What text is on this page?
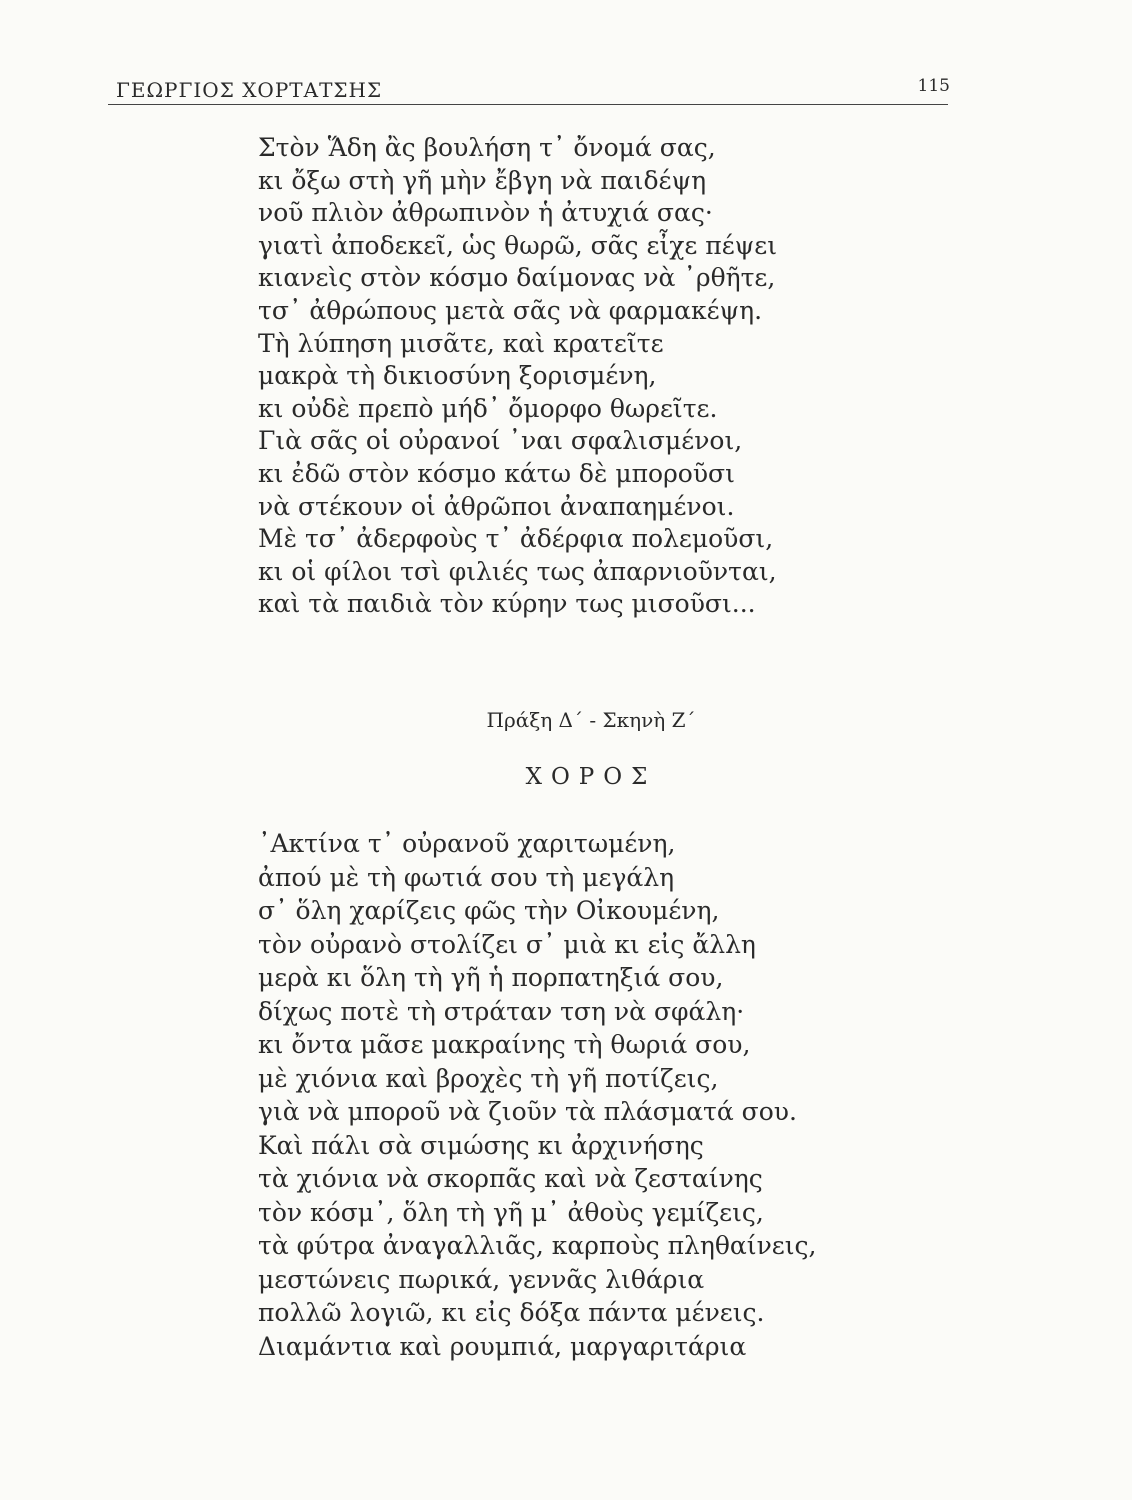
ΓΕΩΡΓΙΟΣ ΧΟΡΤΑΤΣΗΣ	115
Στὸν Ἅδη ἂς βουλήση τ᾽ ὄνομά σας,
κι ὄξω στὴ γῆ μὴν ἔβγη νὰ παιδέψη
νοῦ πλιὸν ἀθρωπινὸν ἡ ἀτυχιά σας·
γιατὶ ἀποδεκεῖ, ὡς θωρῶ, σᾶς εἶχε πέψει
κιανεὶς στὸν κόσμο δαίμονας νὰ ᾽ρθῆτε,
τσ᾽ ἀθρώπους μετὰ σᾶς νὰ φαρμακέψη.
Τὴ λύπηση μισᾶτε, καὶ κρατεῖτε
μακρὰ τὴ δικιοσύνη ξορισμένη,
κι οὐδὲ πρεπὸ μήδ᾽ ὄμορφο θωρεῖτε.
Γιὰ σᾶς οἱ οὐρανοί ᾽ναι σφαλισμένοι,
κι ἐδῶ στὸν κόσμο κάτω δὲ μποροῦσι
νὰ στέκουν οἱ ἀθρῶποι ἀναπαημένοι.
Μὲ τσ᾽ ἀδερφοὺς τ᾽ ἀδέρφια πολεμοῦσι,
κι οἱ φίλοι τσὶ φιλιές τως ἀπαρνιοῦνται,
καὶ τὰ παιδιὰ τὸν κύρην τως μισοῦσι...
Πράξη Δ΄ - Σκηνὴ Ζ΄
ΧΟΡΟΣ
᾽Ακτίνα τ᾽ οὐρανοῦ χαριτωμένη,
ἀπού μὲ τὴ φωτιά σου τὴ μεγάλη
σ᾽ ὅλη χαρίζεις φῶς τὴν Οἰκουμένη,
τὸν οὐρανὸ στολίζει σ᾽ μιὰ κι εἰς ἄλλη
μερὰ κι ὅλη τὴ γῆ ἡ πορπατηξιά σου,
δίχως ποτὲ τὴ στράταν τση νὰ σφάλη·
κι ὄντα μᾶσε μακραίνης τὴ θωριά σου,
μὲ χιόνια καὶ βροχὲς τὴ γῆ ποτίζεις,
γιὰ νὰ μποροῦ νὰ ζιοῦν τὰ πλάσματά σου.
Καὶ πάλι σὰ σιμώσης κι ἀρχινήσης
τὰ χιόνια νὰ σκορπᾶς καὶ νὰ ζεσταίνης
τὸν κόσμ᾽, ὅλη τὴ γῆ μ᾽ ἀθοὺς γεμίζεις,
τὰ φύτρα ἀναγαλλιᾶς, καρποὺς πληθαίνεις,
μεστώνεις πωρικά, γεννᾶς λιθάρια
πολλῶ λογιῶ, κι εἰς δόξα πάντα μένεις.
Διαμάντια καὶ ρουμπιά, μαργαριτάρια
